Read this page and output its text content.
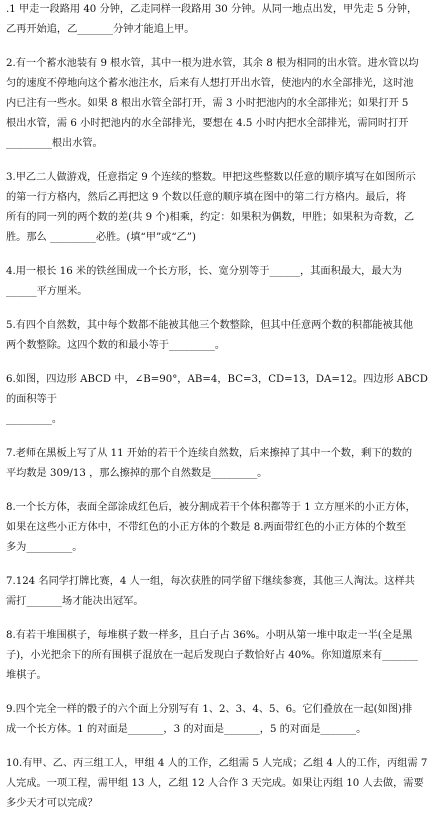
.1 甲走一段路用 40 分钟，乙走同样一段路用 30 分钟。从同一地点出发，甲先走 5 分钟，

乙再开始追，乙_______分钟才能追上甲。

2.有一个蓄水池装有 9 根水管，其中一根为进水管，其余 8 根为相同的出水管。进水管以均

匀的速度不停地向这个蓄水池注水，后来有人想打开出水管，使池内的水全部排光，这时池

内已注有一些水。如果 8 根出水管全部打开，需 3 小时把池内的水全部排光；如果打开 5

根出水管，需 6 小时把池内的水全部排光，要想在 4.5 小时内把水全部排光，需同时打开

_________根出水管。

3.甲乙二人做游戏，任意指定 9 个连续的整数。甲把这些整数以任意的顺序填写在如图所示

的第一行方格内，然后乙再把这 9 个数以任意的顺序填在图中的第二行方格内。最后，将

所有的同一列的两个数的差(共 9 个)相乘，约定：如果积为偶数，甲胜；如果积为奇数，乙

胜。那么 _________必胜。(填“甲”或“乙”)

4.用一根长 16 米的铁丝围成一个长方形，长、宽分别等于______，其面积最大，最大为

______平方厘米。

5.有四个自然数，其中每个数都不能被其他三个数整除，但其中任意两个数的积都能被其他

两个数整除。这四个数的和最小等于_________。

6.如图，四边形 ABCD 中，∠B=90°，AB=4，BC=3，CD=13，DA=12。四边形 ABCD 的面积等于

_________。

7.老师在黑板上写了从 11 开始的若干个连续自然数，后来擦掉了其中一个数，剩下的数的

平均数是 309/13 ，那么擦掉的那个自然数是_________。

8.一个长方体，表面全部涂成红色后，被分割成若干个体积都等于 1 立方厘米的小正方体，

如果在这些小正方体中，不带红色的小正方体的个数是 8.两面带红色的小正方体的个数至

多为_________。

7.124 名同学打牌比赛，4 人一组，每次获胜的同学留下继续参赛，其他三人淘汰。这样共

需打_______场才能决出冠军。

8.有若干堆围棋子，每堆棋子数一样多，且白子占 36%。小明从第一堆中取走一半(全是黑

子)，小光把余下的所有围棋子混放在一起后发现白子数恰好占 40%。你知道原来有_______

堆棋子。

9.四个完全一样的骰子的六个面上分别写有 1、2、3、4、5、6。它们叠放在一起(如图)排

成一个长方体。1 的对面是_______，3 的对面是_______，5 的对面是_______。

10.有甲、乙、丙三组工人，甲组 4 人的工作，乙组需 5 人完成；乙组 4 人的工作，丙组需 7

人完成。一项工程，需甲组 13 人，乙组 12 人合作 3 天完成。如果让丙组 10 人去做，需要

多少天才可以完成？
